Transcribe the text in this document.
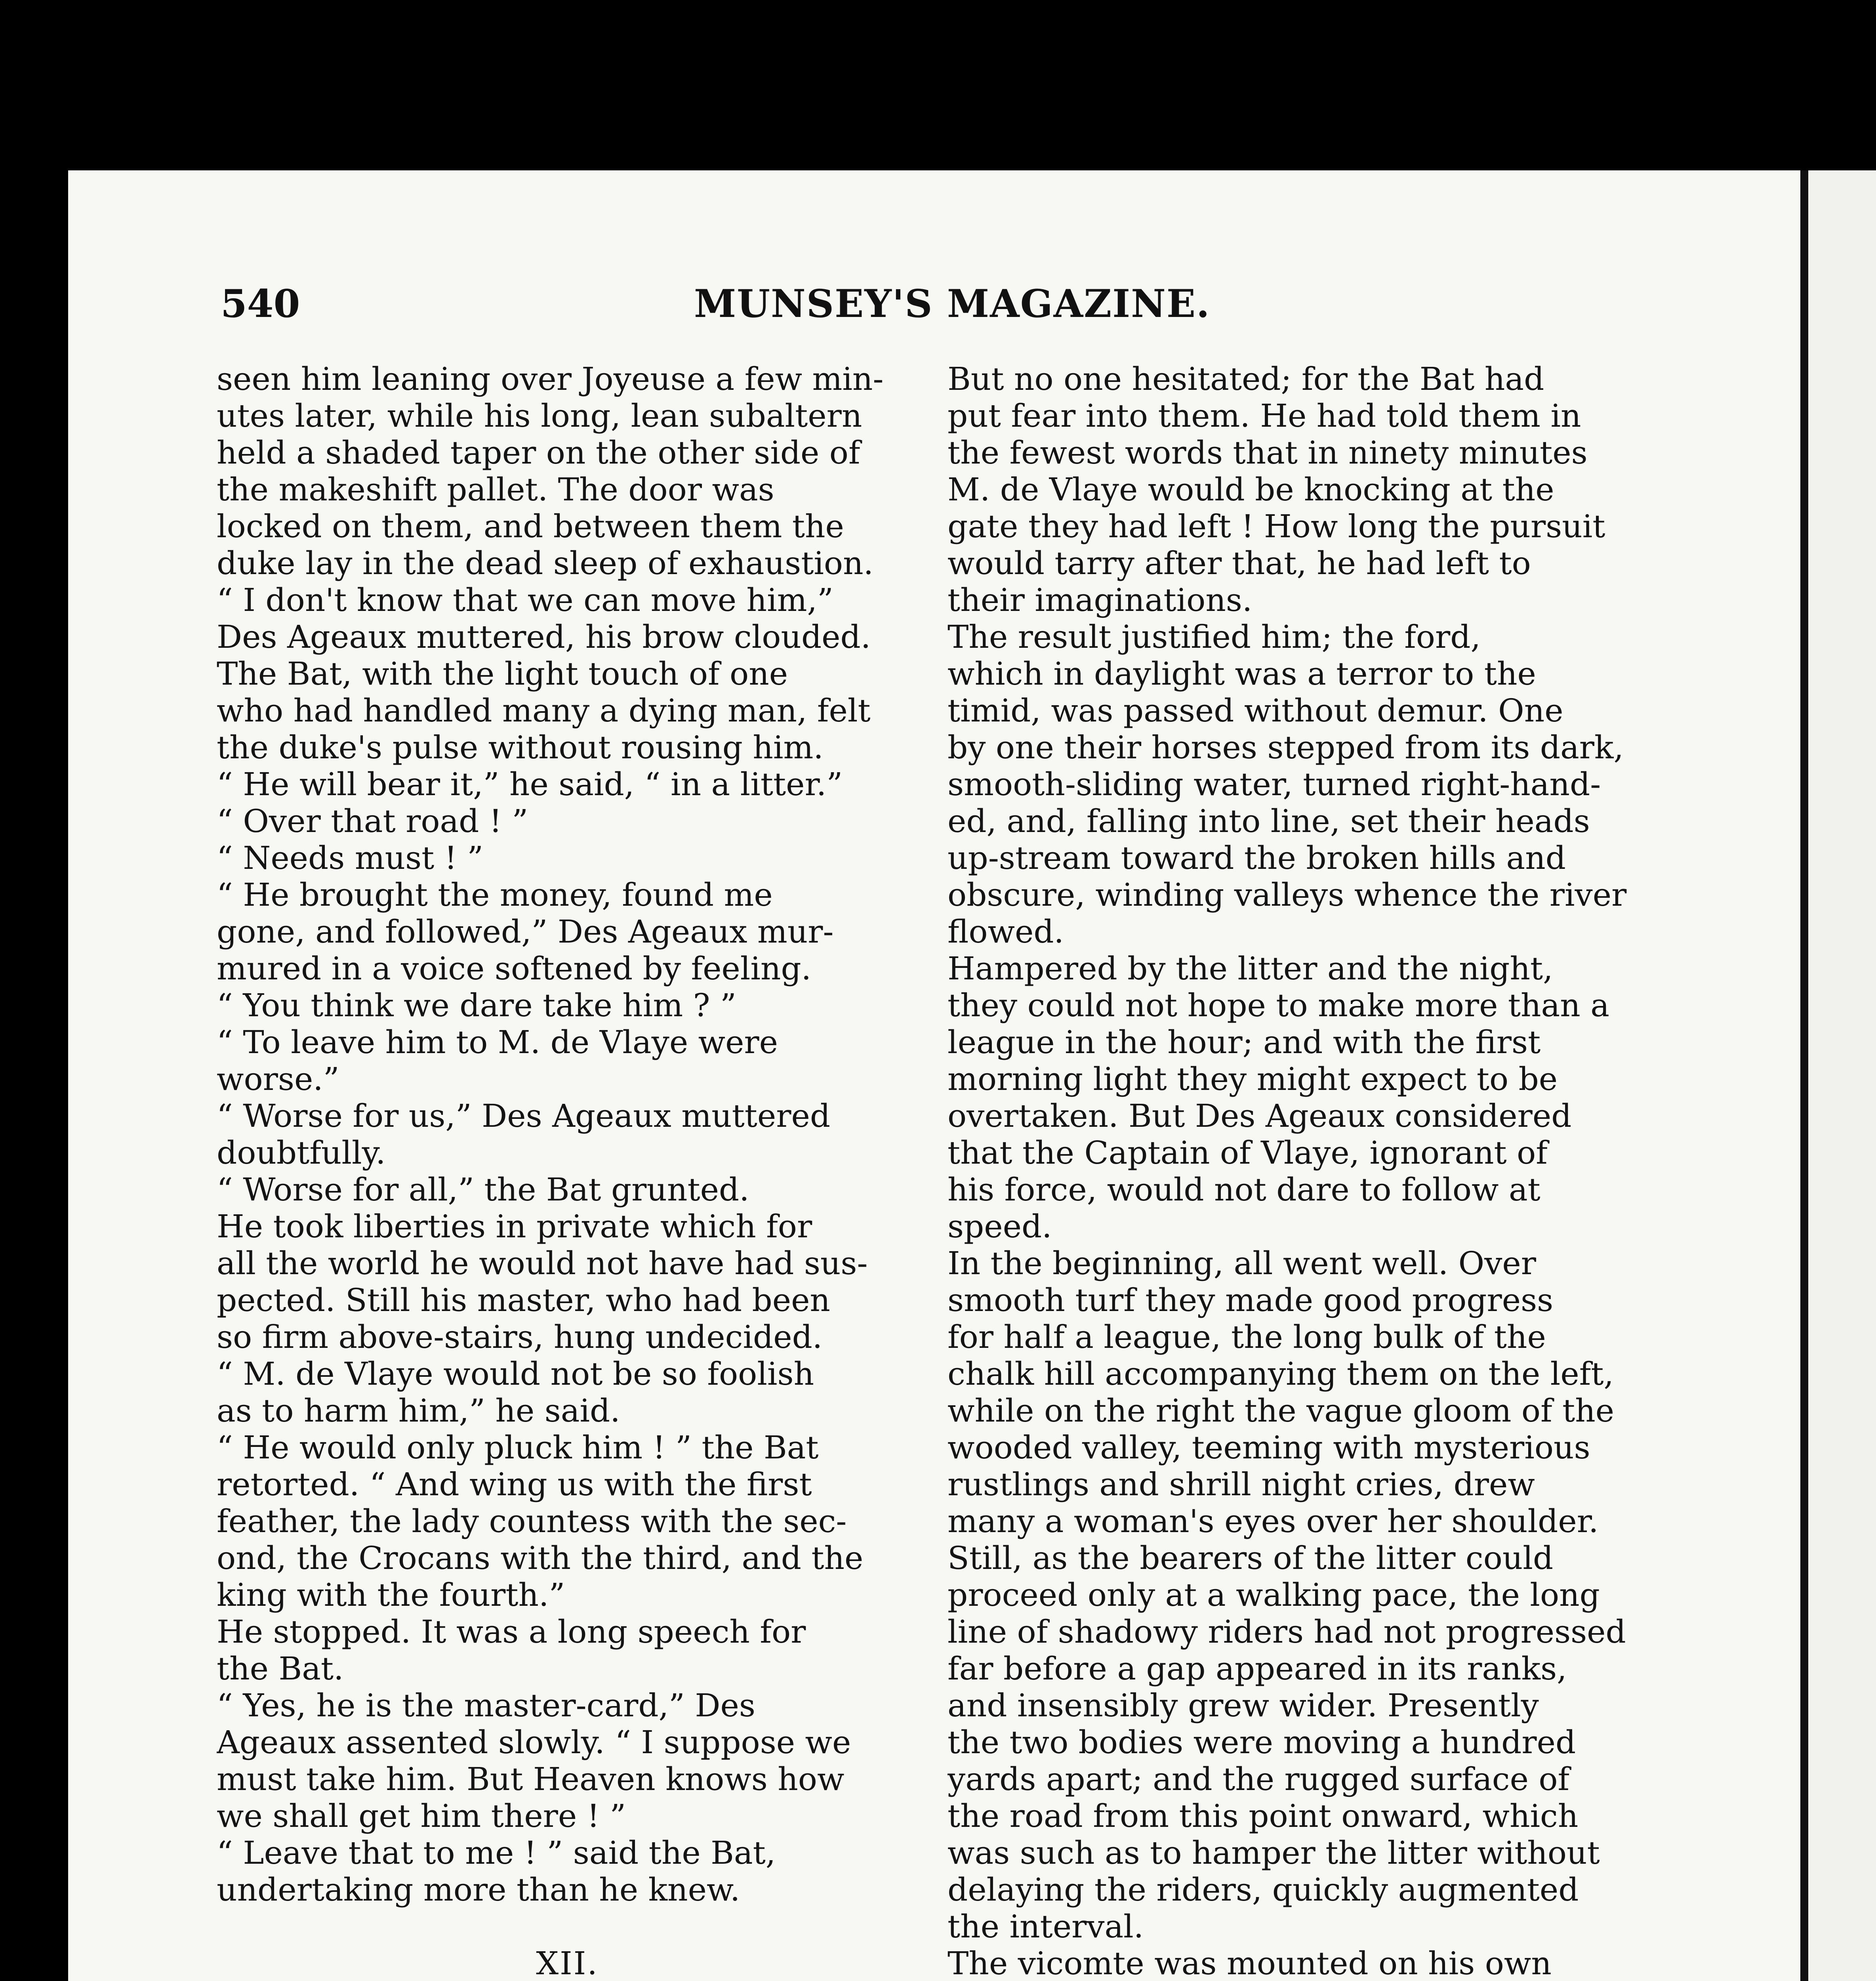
540	MUNSEY'S MAGAZINE.
seen him leaning over Joyeuse a few min-
utes later, while his long, lean subaltern
held a shaded taper on the other side of
the makeshift pallet. The door was
locked on them, and between them the
duke lay in the dead sleep of exhaustion.
“ I don't know that we can move him,”
Des Ageaux muttered, his brow clouded.
The Bat, with the light touch of one
who had handled many a dying man, felt
the duke's pulse without rousing him.
“ He will bear it,” he said, “ in a litter.”
“ Over that road ! ”
“ Needs must ! ”
“ He brought the money, found me
gone, and followed,” Des Ageaux mur-
mured in a voice softened by feeling.
“ You think we dare take him ? ”
“ To leave him to M. de Vlaye were
worse.”
“ Worse for us,” Des Ageaux muttered
doubtfully.
“ Worse for all,” the Bat grunted.
He took liberties in private which for
all the world he would not have had sus-
pected. Still his master, who had been
so firm above-stairs, hung undecided.
“ M. de Vlaye would not be so foolish
as to harm him,” he said.
“ He would only pluck him ! ” the Bat
retorted. “ And wing us with the first
feather, the lady countess with the sec-
ond, the Crocans with the third, and the
king with the fourth.”
He stopped. It was a long speech for
the Bat.
“ Yes, he is the master-card,” Des
Ageaux assented slowly. “ I suppose we
must take him. But Heaven knows how
we shall get him there ! ”
“ Leave that to me ! ” said the Bat,
undertaking more than he knew.
XII.
But no one hesitated; for the Bat had
put fear into them. He had told them in
the fewest words that in ninety minutes
M. de Vlaye would be knocking at the
gate they had left ! How long the pursuit
would tarry after that, he had left to
their imaginations.
The result justified him; the ford,
which in daylight was a terror to the
timid, was passed without demur. One
by one their horses stepped from its dark,
smooth-sliding water, turned right-hand-
ed, and, falling into line, set their heads
up-stream toward the broken hills and
obscure, winding valleys whence the river
flowed.
Hampered by the litter and the night,
they could not hope to make more than a
league in the hour; and with the first
morning light they might expect to be
overtaken. But Des Ageaux considered
that the Captain of Vlaye, ignorant of
his force, would not dare to follow at
speed.
In the beginning, all went well. Over
smooth turf they made good progress
for half a league, the long bulk of the
chalk hill accompanying them on the left,
while on the right the vague gloom of the
wooded valley, teeming with mysterious
rustlings and shrill night cries, drew
many a woman's eyes over her shoulder.
Still, as the bearers of the litter could
proceed only at a walking pace, the long
line of shadowy riders had not progressed
far before a gap appeared in its ranks,
and insensibly grew wider. Presently
the two bodies were moving a hundred
yards apart; and the rugged surface of
the road from this point onward, which
was such as to hamper the litter without
delaying the riders, quickly augmented
the interval.
The vicomte was mounted on his own
